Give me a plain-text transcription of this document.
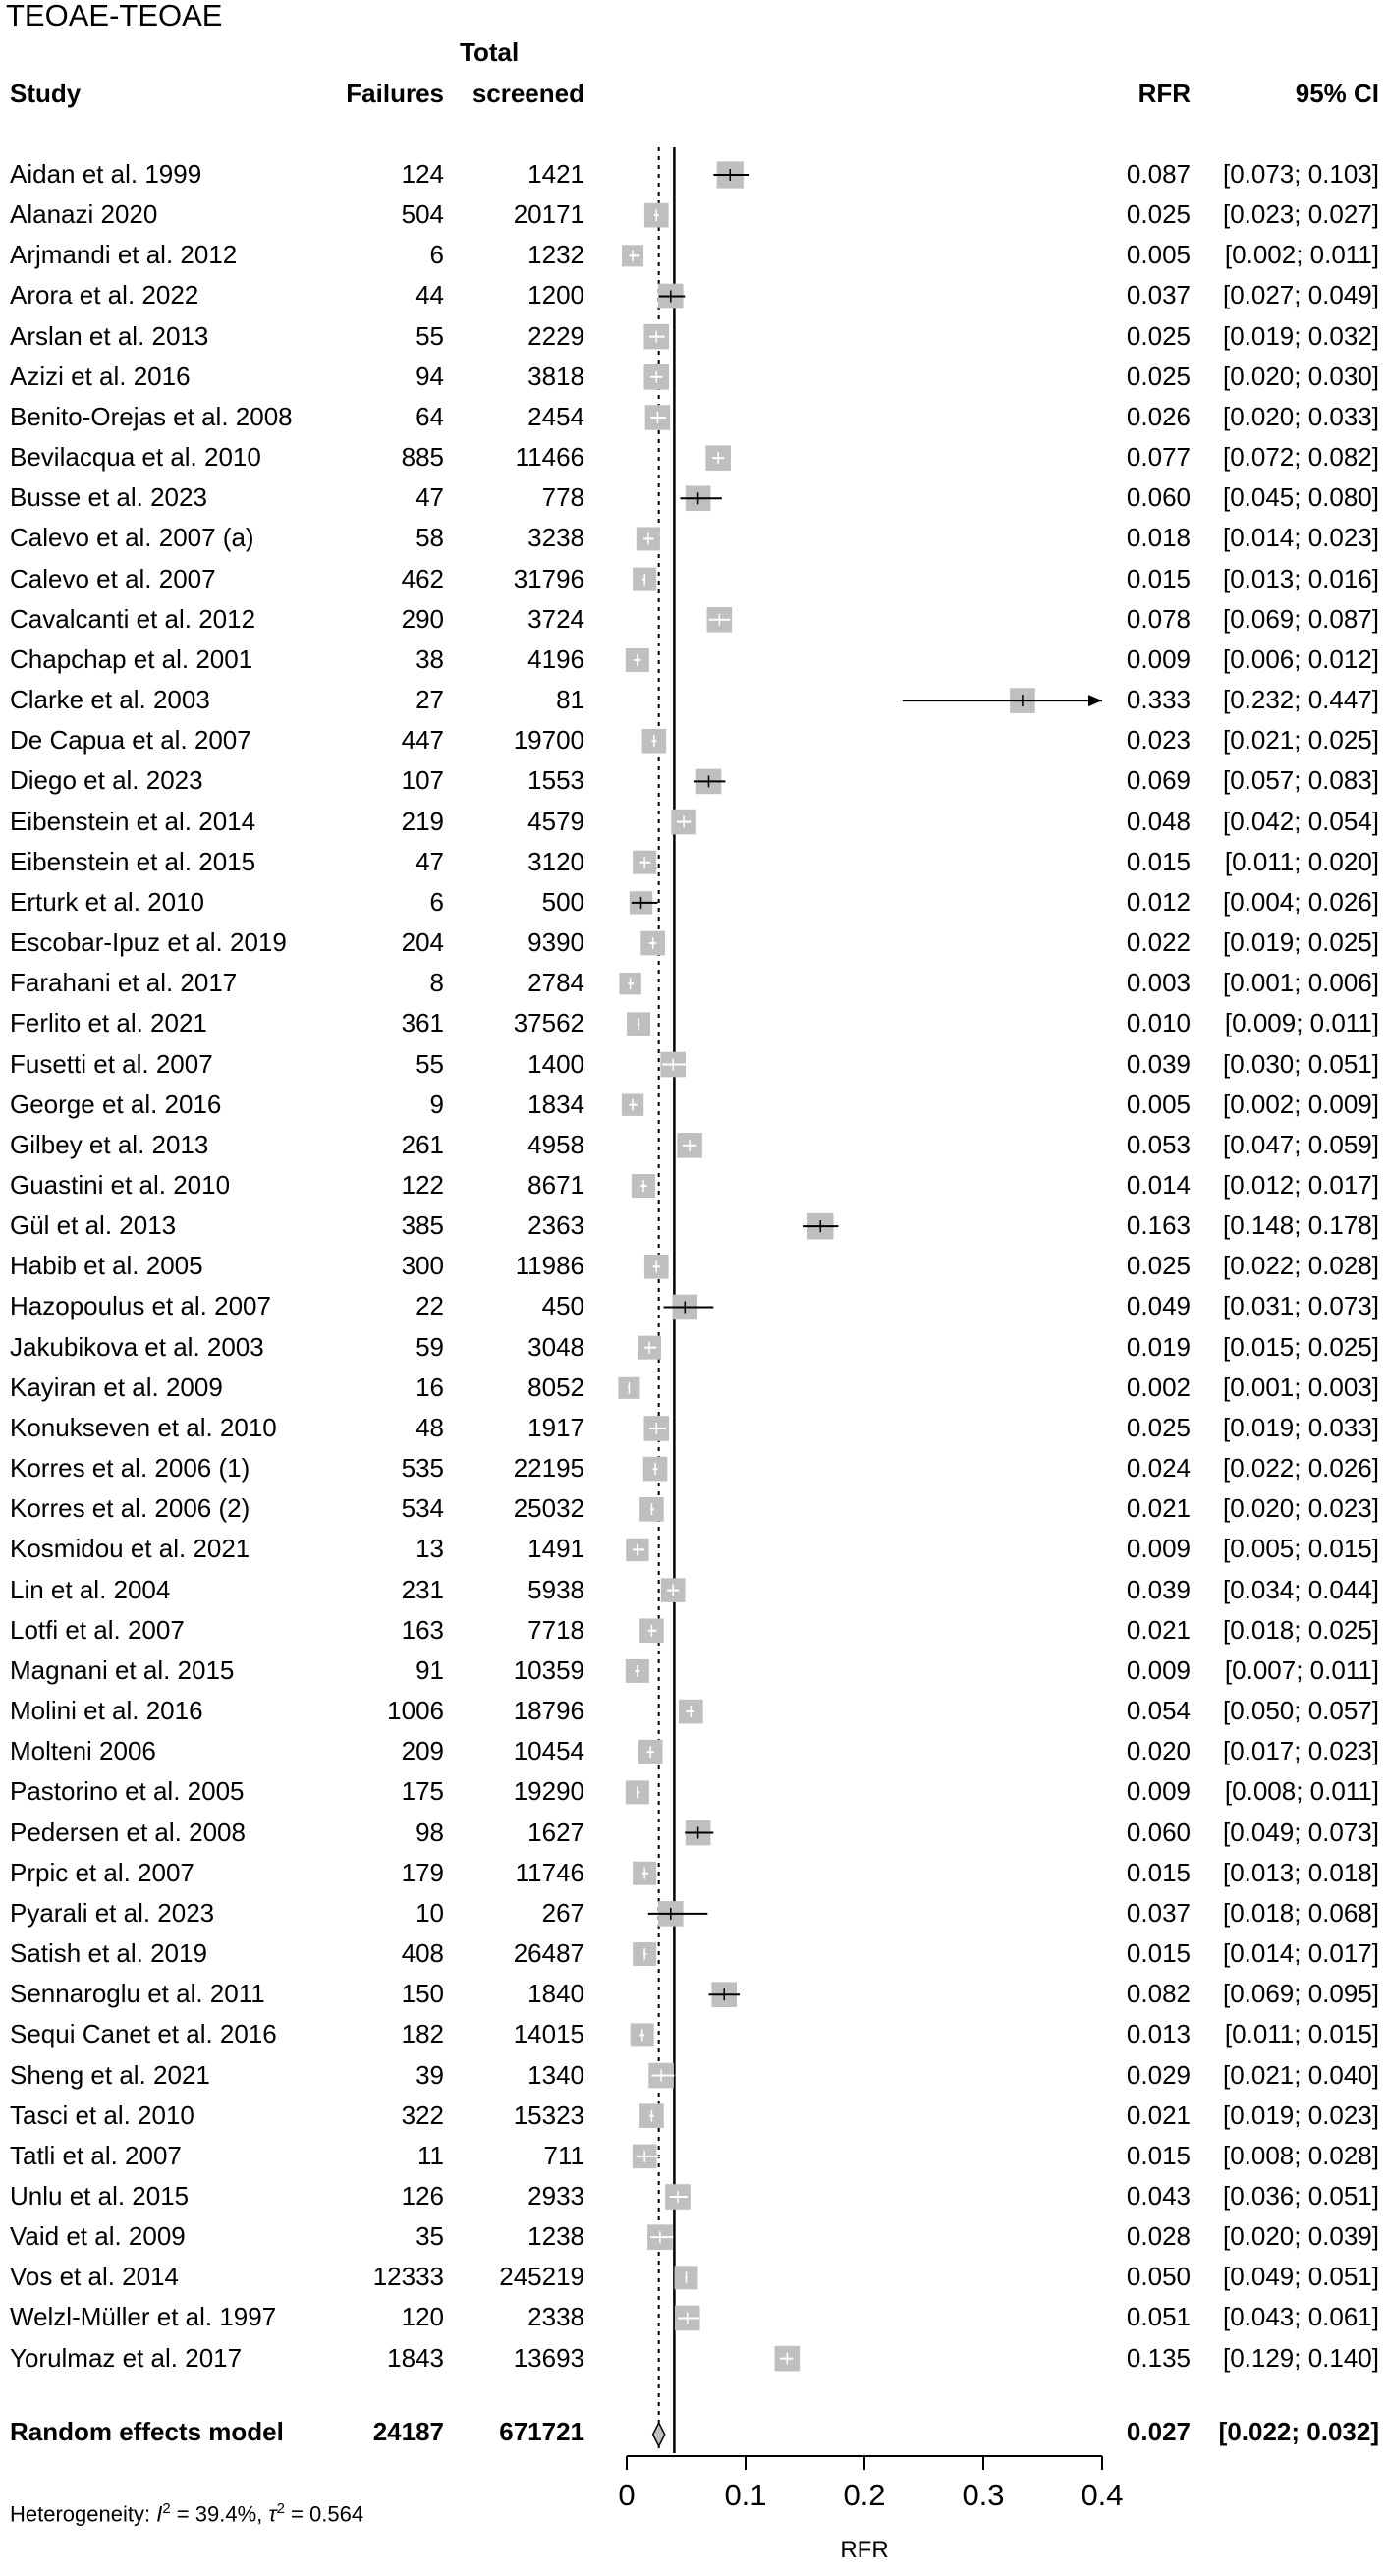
TEOAE-TEOAE
Total
Study	Failures	screened	RFR	95% CI
Aidan et al. 1999	124	1421	0.087	[0.073; 0.103]
Alanazi 2020	504	20171	0.025	[0.023; 0.027]
Arjmandi et al. 2012	6	1232	0.005	[0.002; 0.011]
Arora et al. 2022	44	1200	0.037	[0.027; 0.049]
Arslan et al. 2013	55	2229	0.025	[0.019; 0.032]
Azizi et al. 2016	94	3818	0.025	[0.020; 0.030]
Benito-Orejas et al. 2008	64	2454	0.026	[0.020; 0.033]
Bevilacqua et al. 2010	885	11466	0.077	[0.072; 0.082]
Busse et al. 2023	47	778	0.060	[0.045; 0.080]
Calevo et al. 2007 (a)	58	3238	0.018	[0.014; 0.023]
Calevo et al. 2007	462	31796	0.015	[0.013; 0.016]
Cavalcanti et al. 2012	290	3724	0.078	[0.069; 0.087]
Chapchap et al. 2001	38	4196	0.009	[0.006; 0.012]
Clarke et al. 2003	27	81	0.333	[0.232; 0.447]
De Capua et al. 2007	447	19700	0.023	[0.021; 0.025]
Diego et al. 2023	107	1553	0.069	[0.057; 0.083]
Eibenstein et al. 2014	219	4579	0.048	[0.042; 0.054]
Eibenstein et al. 2015	47	3120	0.015	[0.011; 0.020]
Erturk et al. 2010	6	500	0.012	[0.004; 0.026]
Escobar-Ipuz et al. 2019	204	9390	0.022	[0.019; 0.025]
Farahani et al. 2017	8	2784	0.003	[0.001; 0.006]
Ferlito et al. 2021	361	37562	0.010	[0.009; 0.011]
Fusetti et al. 2007	55	1400	0.039	[0.030; 0.051]
George et al. 2016	9	1834	0.005	[0.002; 0.009]
Gilbey et al. 2013	261	4958	0.053	[0.047; 0.059]
Guastini et al. 2010	122	8671	0.014	[0.012; 0.017]
Gül et al. 2013	385	2363	0.163	[0.148; 0.178]
Habib et al. 2005	300	11986	0.025	[0.022; 0.028]
Hazopoulus et al. 2007	22	450	0.049	[0.031; 0.073]
Jakubikova et al. 2003	59	3048	0.019	[0.015; 0.025]
Kayiran et al. 2009	16	8052	0.002	[0.001; 0.003]
Konukseven et al. 2010	48	1917	0.025	[0.019; 0.033]
Korres et al. 2006 (1)	535	22195	0.024	[0.022; 0.026]
Korres et al. 2006 (2)	534	25032	0.021	[0.020; 0.023]
Kosmidou et al. 2021	13	1491	0.009	[0.005; 0.015]
Lin et al. 2004	231	5938	0.039	[0.034; 0.044]
Lotfi et al. 2007	163	7718	0.021	[0.018; 0.025]
Magnani et al. 2015	91	10359	0.009	[0.007; 0.011]
Molini et al. 2016	1006	18796	0.054	[0.050; 0.057]
Molteni 2006	209	10454	0.020	[0.017; 0.023]
Pastorino et al. 2005	175	19290	0.009	[0.008; 0.011]
Pedersen et al. 2008	98	1627	0.060	[0.049; 0.073]
Prpic et al. 2007	179	11746	0.015	[0.013; 0.018]
Pyarali et al. 2023	10	267	0.037	[0.018; 0.068]
Satish et al. 2019	408	26487	0.015	[0.014; 0.017]
Sennaroglu et al. 2011	150	1840	0.082	[0.069; 0.095]
Sequi Canet et al. 2016	182	14015	0.013	[0.011; 0.015]
Sheng et al. 2021	39	1340	0.029	[0.021; 0.040]
Tasci et al. 2010	322	15323	0.021	[0.019; 0.023]
Tatli et al. 2007	11	711	0.015	[0.008; 0.028]
Unlu et al. 2015	126	2933	0.043	[0.036; 0.051]
Vaid et al. 2009	35	1238	0.028	[0.020; 0.039]
Vos et al. 2014	12333	245219	0.050	[0.049; 0.051]
Welzl-Müller et al. 1997	120	2338	0.051	[0.043; 0.061]
Yorulmaz et al. 2017	1843	13693	0.135	[0.129; 0.140]
Random effects model	24187	671721	0.027	[0.022; 0.032]
Heterogeneity: $I^2 = 39.4\%$, $\tau^2 = 0.564$
0	0.1	0.2	0.3	0.4
RFR
